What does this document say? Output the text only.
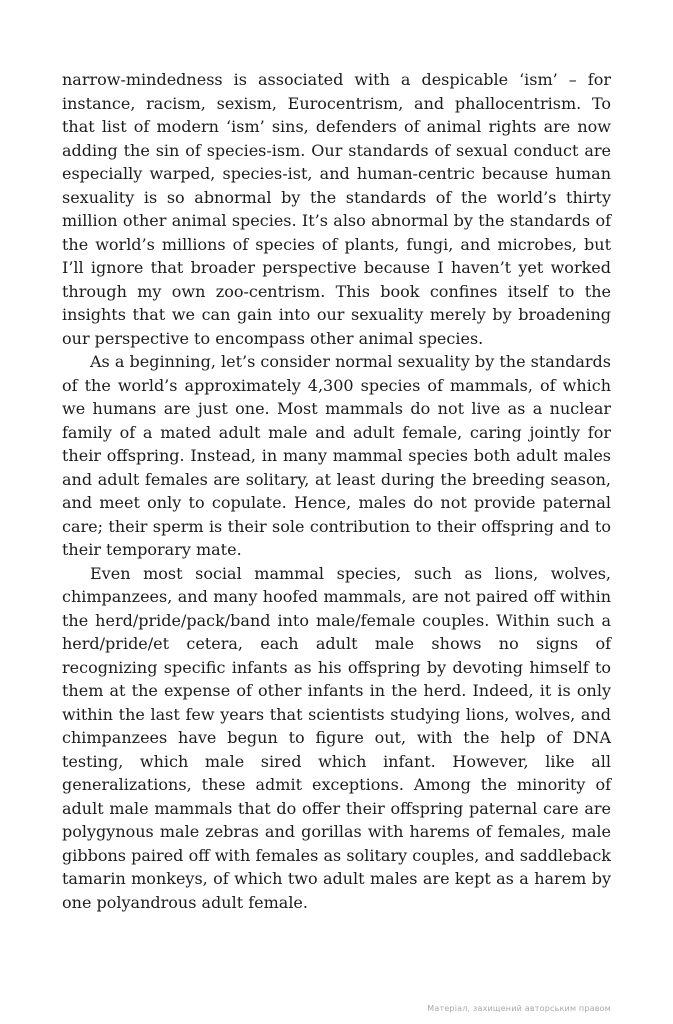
narrow-mindedness is associated with a despicable ‘ism’ – for instance, racism, sexism, Eurocentrism, and phallocentrism. To that list of modern ‘ism’ sins, defenders of animal rights are now adding the sin of species-ism. Our standards of sexual conduct are especially warped, species-ist, and human-centric because human sexuality is so abnormal by the standards of the world’s thirty million other animal species. It’s also abnormal by the standards of the world’s millions of species of plants, fungi, and microbes, but I’ll ignore that broader perspective because I haven’t yet worked through my own zoo-centrism. This book confines itself to the insights that we can gain into our sexuality merely by broadening our perspective to encompass other animal species.

As a beginning, let’s consider normal sexuality by the standards of the world’s approximately 4,300 species of mammals, of which we humans are just one. Most mammals do not live as a nuclear family of a mated adult male and adult female, caring jointly for their offspring. Instead, in many mammal species both adult males and adult females are solitary, at least during the breeding season, and meet only to copulate. Hence, males do not provide paternal care; their sperm is their sole contribution to their offspring and to their temporary mate.

Even most social mammal species, such as lions, wolves, chimpanzees, and many hoofed mammals, are not paired off within the herd/pride/pack/band into male/female couples. Within such a herd/pride/et cetera, each adult male shows no signs of recognizing specific infants as his offspring by devoting himself to them at the expense of other infants in the herd. Indeed, it is only within the last few years that scientists studying lions, wolves, and chimpanzees have begun to figure out, with the help of DNA testing, which male sired which infant. However, like all generalizations, these admit exceptions. Among the minority of adult male mammals that do offer their offspring paternal care are polygynous male zebras and gorillas with harems of females, male gibbons paired off with females as solitary couples, and saddleback tamarin monkeys, of which two adult males are kept as a harem by one polyandrous adult female.

Матеріал, захищений авторським правом
